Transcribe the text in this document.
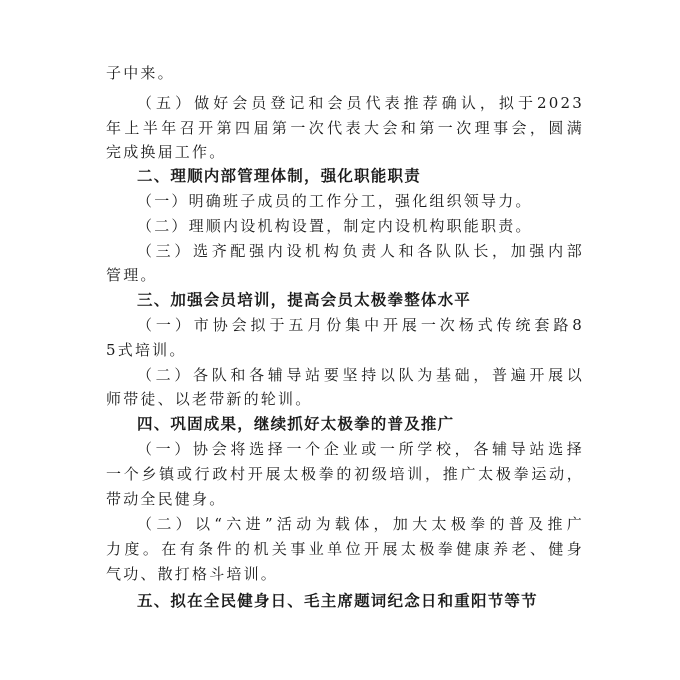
子中来。
（五）做好会员登记和会员代表推荐确认，拟于2023
年上半年召开第四届第一次代表大会和第一次理事会，圆满
完成换届工作。
二、理顺内部管理体制，强化职能职责
（一）明确班子成员的工作分工，强化组织领导力。
（二）理顺内设机构设置，制定内设机构职能职责。
（三）选齐配强内设机构负责人和各队队长，加强内部
管理。
三、加强会员培训，提高会员太极拳整体水平
（一）市协会拟于五月份集中开展一次杨式传统套路8
5式培训。
（二）各队和各辅导站要坚持以队为基础，普遍开展以
师带徒、以老带新的轮训。
四、巩固成果，继续抓好太极拳的普及推广
（一）协会将选择一个企业或一所学校，各辅导站选择
一个乡镇或行政村开展太极拳的初级培训，推广太极拳运动，
带动全民健身。
（二）以“六进”活动为载体，加大太极拳的普及推广
力度。在有条件的机关事业单位开展太极拳健康养老、健身
气功、散打格斗培训。
五、拟在全民健身日、毛主席题词纪念日和重阳节等节
